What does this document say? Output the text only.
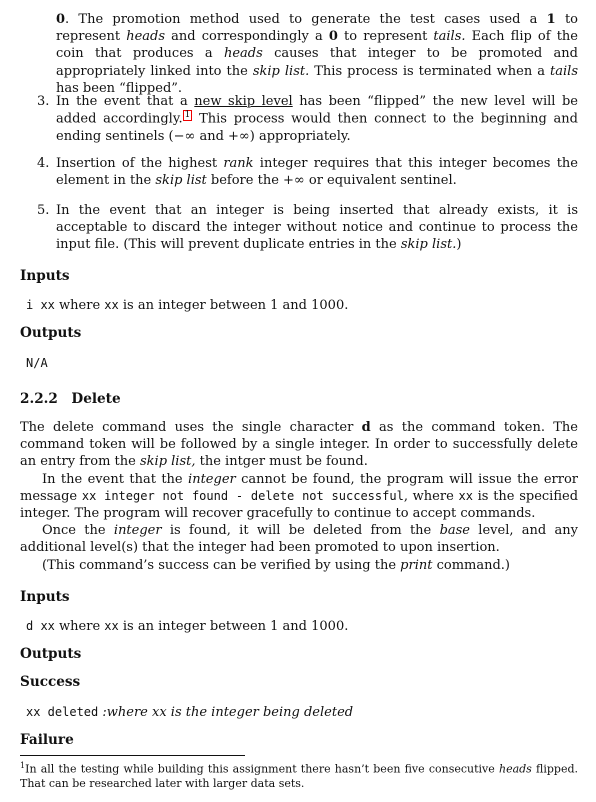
0. The promotion method used to generate the test cases used a 1 to represent heads and correspondingly a 0 to represent tails. Each flip of the coin that produces a heads causes that integer to be promoted and appropriately linked into the skip list. This process is terminated when a tails has been “flipped”.
3. In the event that a new skip level has been “flipped” the new level will be added accordingly. 1 This process would then connect to the beginning and ending sentinels (−∞ and +∞) appropriately.
4. Insertion of the highest rank integer requires that this integer becomes the element in the skip list before the +∞ or equivalent sentinel.
5. In the event that an integer is being inserted that already exists, it is acceptable to discard the integer without notice and continue to process the input file. (This will prevent duplicate entries in the skip list.)
Inputs
i xx where xx is an integer between 1 and 1000.
Outputs
N/A
2.2.2 Delete
The delete command uses the single character d as the command token. The command token will be followed by a single integer. In order to successfully delete an entry from the skip list, the intger must be found.
In the event that the integer cannot be found, the program will issue the error message xx integer not found - delete not successful, where xx is the specified integer. The program will recover gracefully to continue to accept commands.
Once the integer is found, it will be deleted from the base level, and any additional level(s) that the integer had been promoted to upon insertion.
(This command’s success can be verified by using the print command.)
Inputs
d xx where xx is an integer between 1 and 1000.
Outputs
Success
xx deleted :where xx is the integer being deleted
Failure
$^1$In all the testing while building this assignment there hasn’t been five consecutive heads flipped. That can be researched later with larger data sets.
